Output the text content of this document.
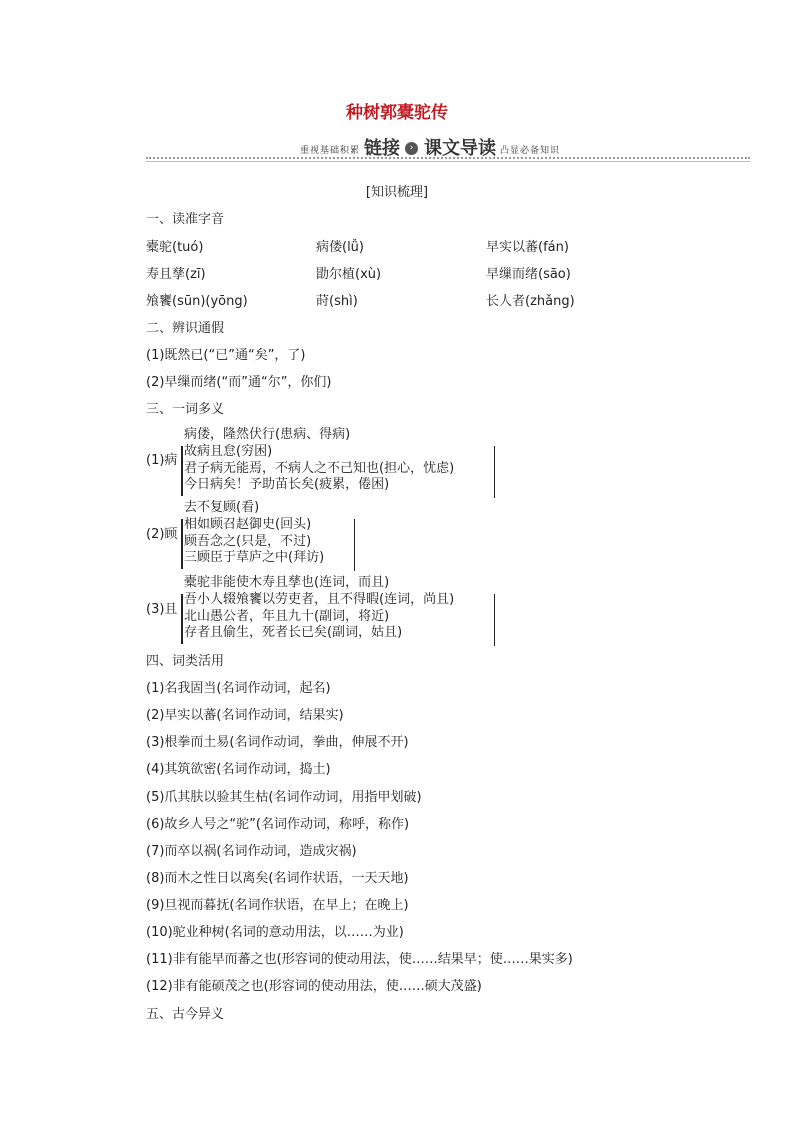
种树郭橐驼传
重视基础积累 链接	› 课文导读 凸显必备知识
[知识梳理]
一、读准字音
橐驼(tuó)	病偻(lǚ)	早实以蕃(fán)
寿且孳(zī)	勖尔植(xù)	早缫而绪(sāo)
飧饔(sūn)(yōng)	莳(shì)	长人者(zhǎng)
二、辨识通假
(1)既然已(“已”通“矣”，了)
(2)早缫而绪(“而”通“尔”，你们)
三、一词多义
(1)病
病偻，隆然伏行(患病、得病)
故病且怠(穷困)
君子病无能焉，不病人之不己知也(担心，忧虑)
今日病矣！予助苗长矣(疲累，倦困)
(2)顾
去不复顾(看)
相如顾召赵御史(回头)
顾吾念之(只是，不过)
三顾臣于草庐之中(拜访)
(3)且
橐驼非能使木寿且孳也(连词，而且)
吾小人辍飧饔以劳吏者，且不得暇(连词，尚且)
北山愚公者，年且九十(副词，将近)
存者且偷生，死者长已矣(副词，姑且)
四、词类活用
(1)名我固当(名词作动词，起名)
(2)早实以蕃(名词作动词，结果实)
(3)根拳而土易(名词作动词，拳曲，伸展不开)
(4)其筑欲密(名词作动词，捣土)
(5)爪其肤以验其生枯(名词作动词，用指甲划破)
(6)故乡人号之“驼”(名词作动词，称呼，称作)
(7)而卒以祸(名词作动词，造成灾祸)
(8)而木之性日以离矣(名词作状语，一天天地)
(9)旦视而暮抚(名词作状语，在早上；在晚上)
(10)驼业种树(名词的意动用法，以……为业)
(11)非有能早而蕃之也(形容词的使动用法，使……结果早；使……果实多)
(12)非有能硕茂之也(形容词的使动用法，使……硕大茂盛)
五、古今异义
